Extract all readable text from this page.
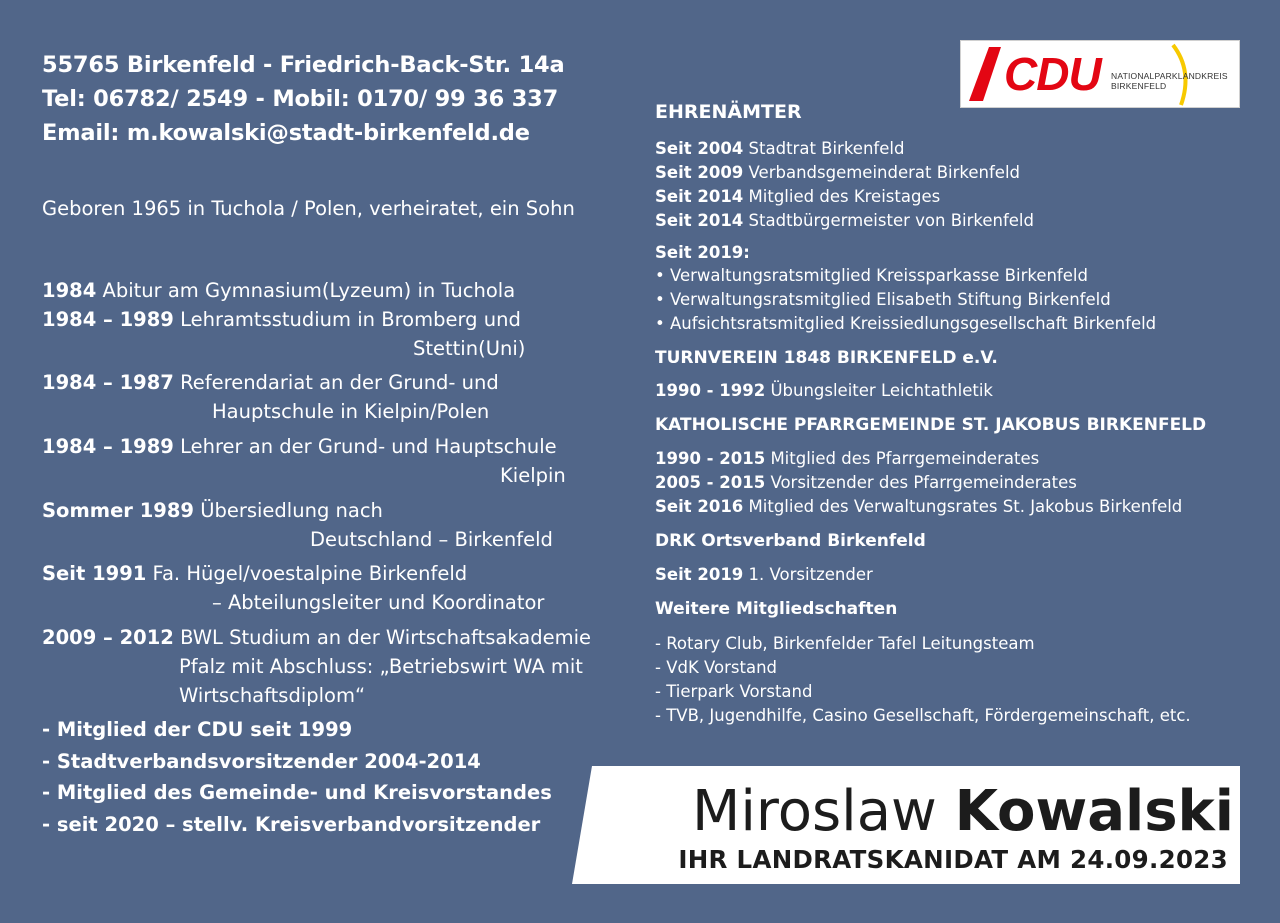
55765 Birkenfeld - Friedrich-Back-Str. 14a
Tel: 06782/ 2549 - Mobil: 0170/ 99 36 337
Email: m.kowalski@stadt-birkenfeld.de
Geboren 1965 in Tuchola / Polen, verheiratet, ein Sohn
1984 Abitur am Gymnasium(Lyzeum) in Tuchola
1984 – 1989 Lehramtsstudium in Bromberg und
Stettin(Uni)
1984 – 1987 Referendariat an der Grund- und
Hauptschule in Kielpin/Polen
1984 – 1989 Lehrer an der Grund- und Hauptschule
Kielpin
Sommer 1989 Übersiedlung nach
Deutschland – Birkenfeld
Seit 1991 Fa. Hügel/voestalpine Birkenfeld
– Abteilungsleiter und Koordinator
2009 – 2012 BWL Studium an der Wirtschaftsakademie
Pfalz mit Abschluss: „Betriebswirt WA mit
Wirtschaftsdiplom“
- Mitglied der CDU seit 1999
- Stadtverbandsvorsitzender 2004-2014
- Mitglied des Gemeinde- und Kreisvorstandes
- seit 2020 – stellv. Kreisverbandvorsitzender
CDU NATIONALPARKLANDKREIS
BIRKENFELD
EHRENÄMTER
Seit 2004 Stadtrat Birkenfeld
Seit 2009 Verbandsgemeinderat Birkenfeld
Seit 2014 Mitglied des Kreistages
Seit 2014 Stadtbürgermeister von Birkenfeld
Seit 2019:
• Verwaltungsratsmitglied Kreissparkasse Birkenfeld
• Verwaltungsratsmitglied Elisabeth Stiftung Birkenfeld
• Aufsichtsratsmitglied Kreissiedlungsgesellschaft Birkenfeld
TURNVEREIN 1848 BIRKENFELD e.V.
1990 - 1992 Übungsleiter Leichtathletik
KATHOLISCHE PFARRGEMEINDE ST. JAKOBUS BIRKENFELD
1990 - 2015 Mitglied des Pfarrgemeinderates
2005 - 2015 Vorsitzender des Pfarrgemeinderates
Seit 2016 Mitglied des Verwaltungsrates St. Jakobus Birkenfeld
DRK Ortsverband Birkenfeld
Seit 2019 1. Vorsitzender
Weitere Mitgliedschaften
- Rotary Club, Birkenfelder Tafel Leitungsteam
- VdK Vorstand
- Tierpark Vorstand
- TVB, Jugendhilfe, Casino Gesellschaft, Fördergemeinschaft, etc.
Miroslaw Kowalski
IHR LANDRATSKANIDAT AM 24.09.2023
